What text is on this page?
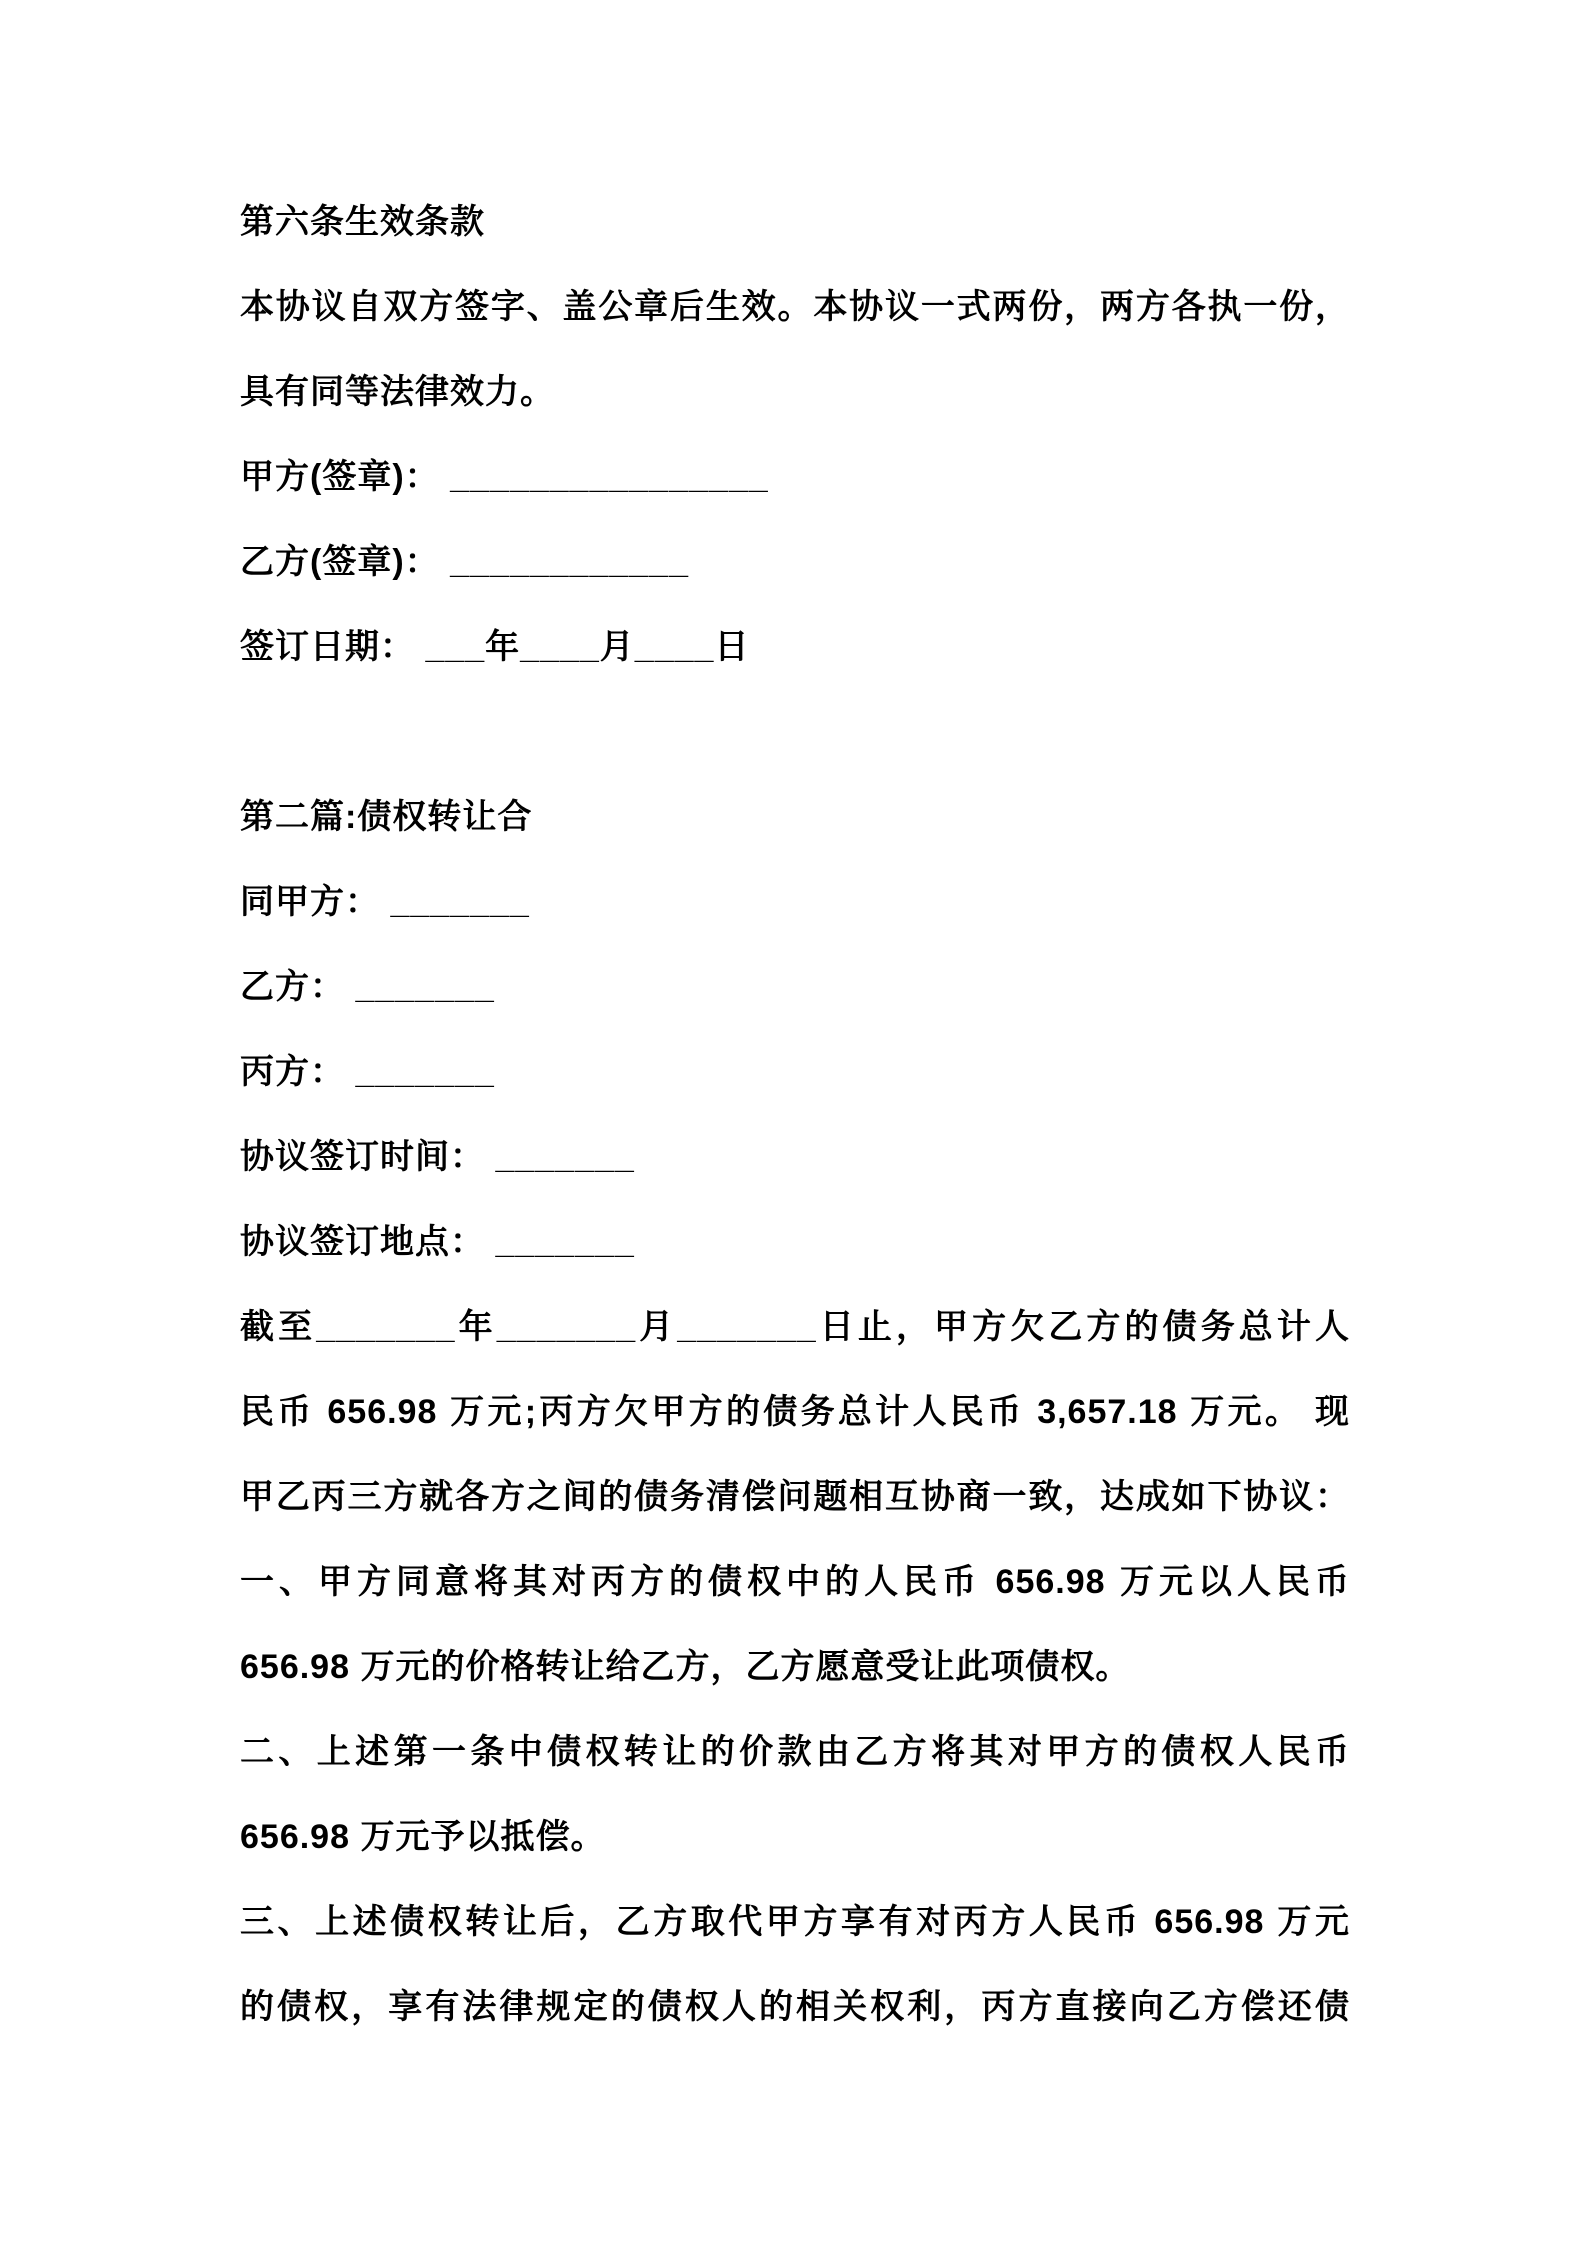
第六条生效条款
本协议自双方签字、盖公章后生效。本协议一式两份，两方各执一份，
具有同等法律效力。
甲方(签章)： ________________
乙方(签章)： ____________
签订日期： ___年____月____日
第二篇:债权转让合
同甲方： _______
乙方： _______
丙方： _______
协议签订时间： _______
协议签订地点： _______
截至_______年_______月_______日止，甲方欠乙方的债务总计人
民币 656.98 万元;丙方欠甲方的债务总计人民币 3,657.18 万元。 现
甲乙丙三方就各方之间的债务清偿问题相互协商一致，达成如下协议：
一、甲方同意将其对丙方的债权中的人民币 656.98 万元以人民币
656.98 万元的价格转让给乙方，乙方愿意受让此项债权。
二、上述第一条中债权转让的价款由乙方将其对甲方的债权人民币
656.98 万元予以抵偿。
三、上述债权转让后，乙方取代甲方享有对丙方人民币 656.98 万元
的债权，享有法律规定的债权人的相关权利，丙方直接向乙方偿还债
